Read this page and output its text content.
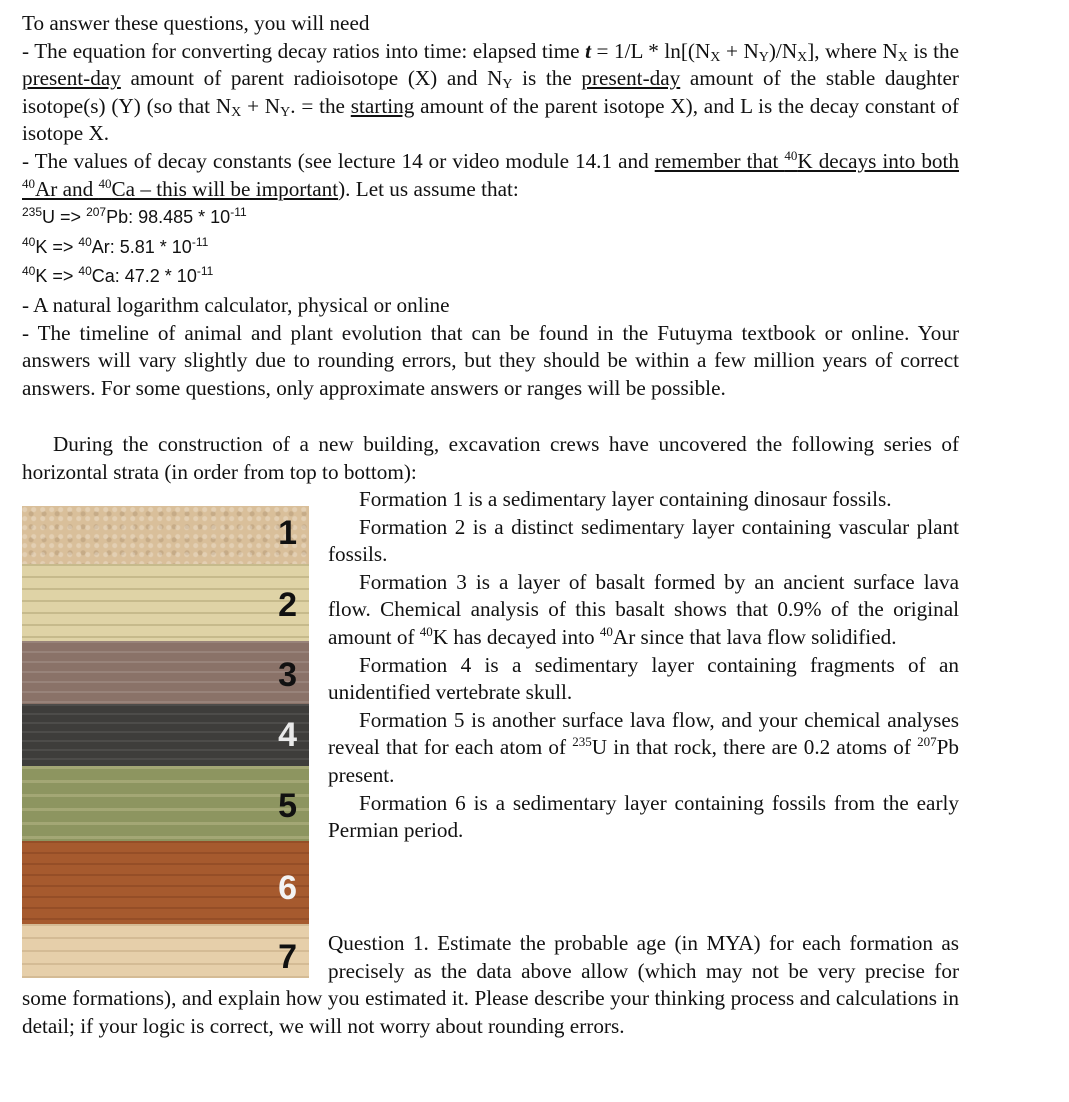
To answer these questions, you will need
- The equation for converting decay ratios into time: elapsed time $t = 1/L * \ln[(N_X + N_Y)/N_X]$, where $N_X$ is the present-day amount of parent radioisotope (X) and $N_Y$ is the present-day amount of the stable daughter isotope(s) (Y) (so that $N_X + N_Y$. = the starting amount of the parent isotope X), and L is the decay constant of isotope X.
- The values of decay constants (see lecture 14 or video module 14.1 and remember that $^{40}$K decays into both $^{40}$Ar and $^{40}$Ca – this will be important). Let us assume that:
$^{235}$U => $^{207}$Pb: $98.485 * 10^{-11}$
$^{40}$K => $^{40}$Ar: $5.81 * 10^{-11}$
$^{40}$K => $^{40}$Ca: $47.2 * 10^{-11}$
- A natural logarithm calculator, physical or online
- The timeline of animal and plant evolution that can be found in the Futuyma textbook or online. Your answers will vary slightly due to rounding errors, but they should be within a few million years of correct answers. For some questions, only approximate answers or ranges will be possible.
During the construction of a new building, excavation crews have uncovered the following series of horizontal strata (in order from top to bottom):
1
2
3
4
5
6
7
Formation 1 is a sedimentary layer containing dinosaur fossils.
Formation 2 is a distinct sedimentary layer containing vascular plant fossils.
Formation 3 is a layer of basalt formed by an ancient surface lava flow. Chemical analysis of this basalt shows that 0.9% of the original amount of $^{40}$K has decayed into $^{40}$Ar since that lava flow solidified.
Formation 4 is a sedimentary layer containing fragments of an unidentified vertebrate skull.
Formation 5 is another surface lava flow, and your chemical analyses reveal that for each atom of $^{235}$U in that rock, there are 0.2 atoms of $^{207}$Pb present.
Formation 6 is a sedimentary layer containing fossils from the early Permian period.
Question 1. Estimate the probable age (in MYA) for each formation as precisely as the data above allow (which may not be very precise for some formations), and explain how you estimated it. Please describe your thinking process and calculations in detail; if your logic is correct, we will not worry about rounding errors.
